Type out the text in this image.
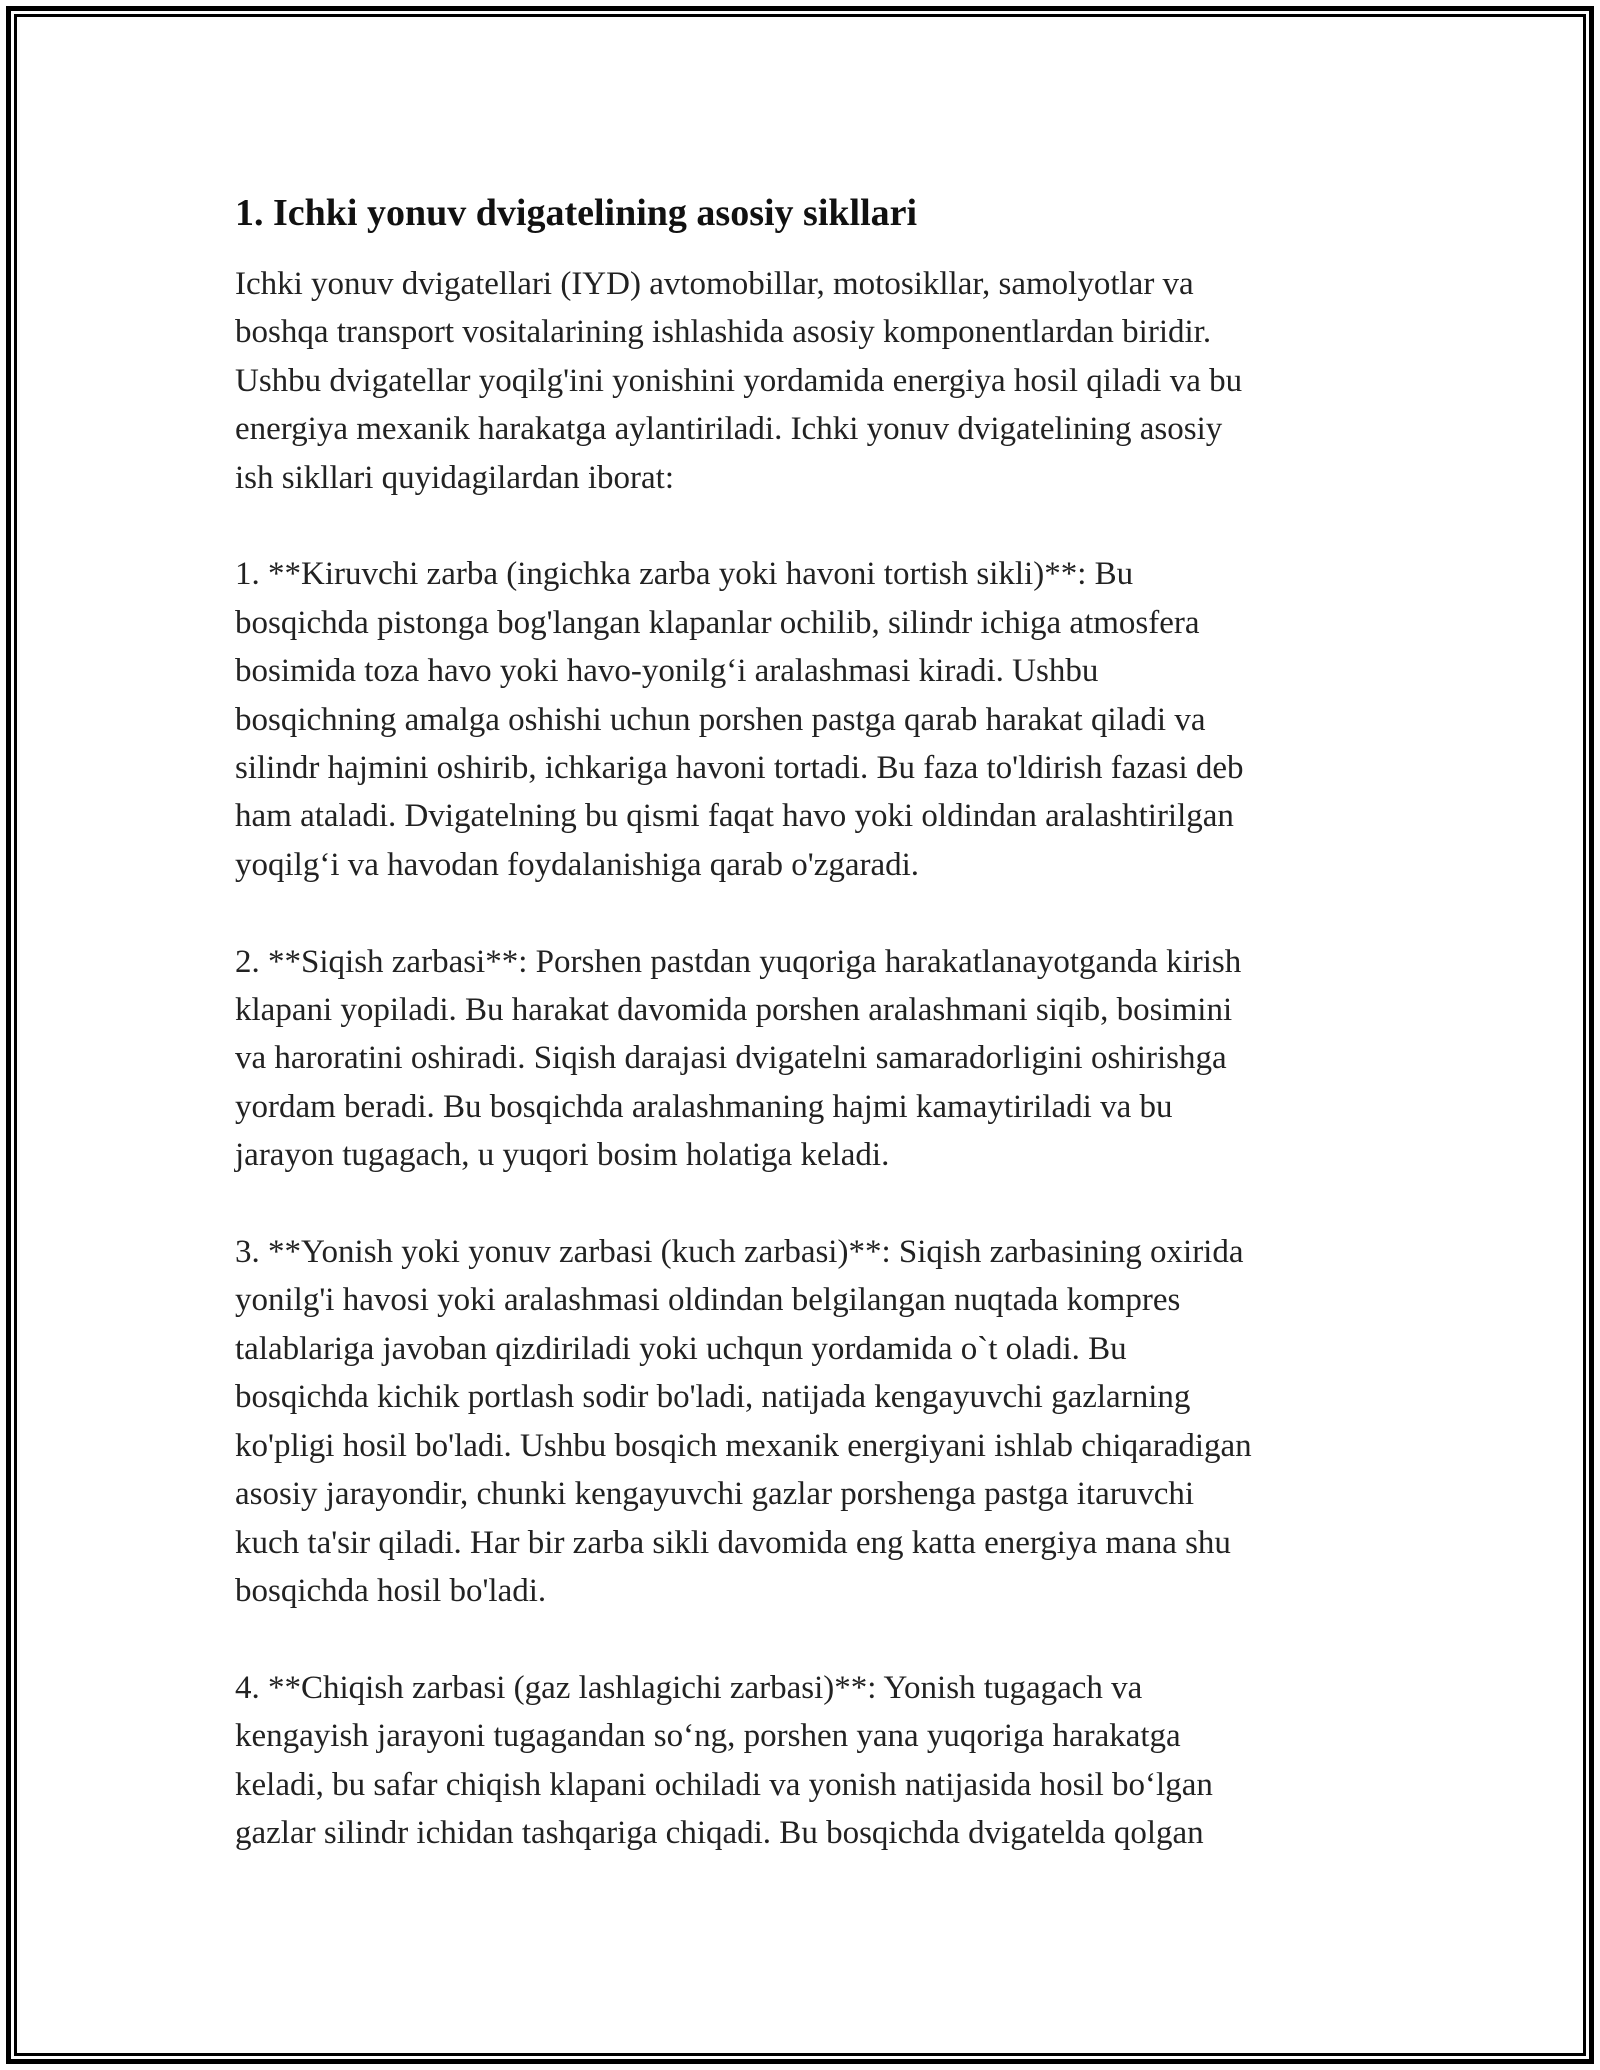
1. Ichki yonuv dvigatelining asosiy sikllari

Ichki yonuv dvigatellari (IYD) avtomobillar, motosikllar, samolyotlar va
boshqa transport vositalarining ishlashida asosiy komponentlardan biridir.
Ushbu dvigatellar yoqilg'ini yonishini yordamida energiya hosil qiladi va bu
energiya mexanik harakatga aylantiriladi. Ichki yonuv dvigatelining asosiy
ish sikllari quyidagilardan iborat:

1. **Kiruvchi zarba (ingichka zarba yoki havoni tortish sikli)**: Bu
bosqichda pistonga bog'langan klapanlar ochilib, silindr ichiga atmosfera
bosimida toza havo yoki havo-yonilg‘i aralashmasi kiradi. Ushbu
bosqichning amalga oshishi uchun porshen pastga qarab harakat qiladi va
silindr hajmini oshirib, ichkariga havoni tortadi. Bu faza to'ldirish fazasi deb
ham ataladi. Dvigatelning bu qismi faqat havo yoki oldindan aralashtirilgan
yoqilg‘i va havodan foydalanishiga qarab o'zgaradi.

2. **Siqish zarbasi**: Porshen pastdan yuqoriga harakatlanayotganda kirish
klapani yopiladi. Bu harakat davomida porshen aralashmani siqib, bosimini
va haroratini oshiradi. Siqish darajasi dvigatelni samaradorligini oshirishga
yordam beradi. Bu bosqichda aralashmaning hajmi kamaytiriladi va bu
jarayon tugagach, u yuqori bosim holatiga keladi.

3. **Yonish yoki yonuv zarbasi (kuch zarbasi)**: Siqish zarbasining oxirida
yonilg'i havosi yoki aralashmasi oldindan belgilangan nuqtada kompres
talablariga javoban qizdiriladi yoki uchqun yordamida o`t oladi. Bu
bosqichda kichik portlash sodir bo'ladi, natijada kengayuvchi gazlarning
ko'pligi hosil bo'ladi. Ushbu bosqich mexanik energiyani ishlab chiqaradigan
asosiy jarayondir, chunki kengayuvchi gazlar porshenga pastga itaruvchi
kuch ta'sir qiladi. Har bir zarba sikli davomida eng katta energiya mana shu
bosqichda hosil bo'ladi.

4. **Chiqish zarbasi (gaz lashlagichi zarbasi)**: Yonish tugagach va
kengayish jarayoni tugagandan so‘ng, porshen yana yuqoriga harakatga
keladi, bu safar chiqish klapani ochiladi va yonish natijasida hosil bo‘lgan
gazlar silindr ichidan tashqariga chiqadi. Bu bosqichda dvigatelda qolgan
